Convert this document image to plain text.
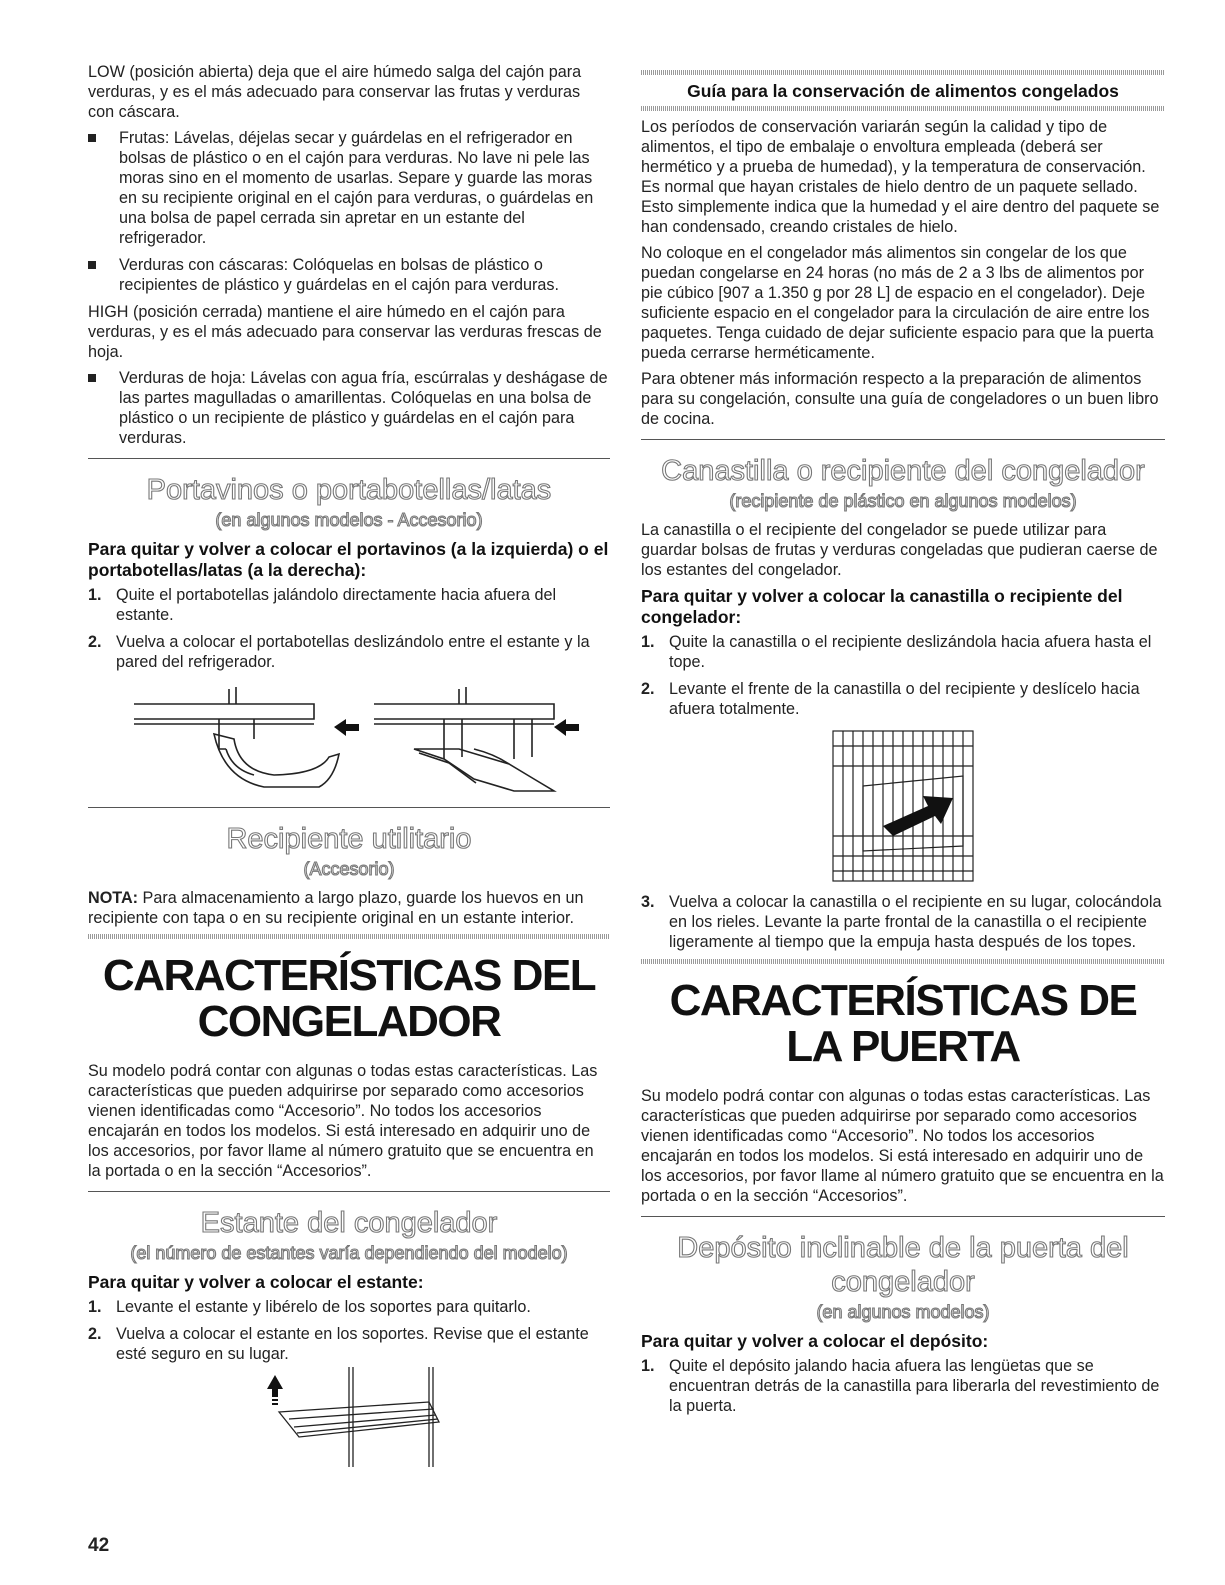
LOW (posición abierta) deja que el aire húmedo salga del cajón para verduras, y es el más adecuado para conservar las frutas y verduras con cáscara.

Frutas: Lávelas, déjelas secar y guárdelas en el refrigerador en bolsas de plástico o en el cajón para verduras. No lave ni pele las moras sino en el momento de usarlas. Separe y guarde las moras en su recipiente original en el cajón para verduras, o guárdelas en una bolsa de papel cerrada sin apretar en un estante del refrigerador.
Verduras con cáscaras: Colóquelas en bolsas de plástico o recipientes de plástico y guárdelas en el cajón para verduras.

HIGH (posición cerrada) mantiene el aire húmedo en el cajón para verduras, y es el más adecuado para conservar las verduras frescas de hoja.

Verduras de hoja: Lávelas con agua fría, escúrralas y deshágase de las partes magulladas o amarillentas. Colóquelas en una bolsa de plástico o un recipiente de plástico y guárdelas en el cajón para verduras.
Portavinos o portabotellas/latas
(en algunos modelos - Accesorio)

Para quitar y volver a colocar el portavinos (a la izquierda) o el portabotellas/latas (a la derecha):

1. Quite el portabotellas jalándolo directamente hacia afuera del estante.
2. Vuelva a colocar el portabotellas deslizándolo entre el estante y la pared del refrigerador.
Recipiente utilitario
(Accesorio)

NOTA: Para almacenamiento a largo plazo, guarde los huevos en un recipiente con tapa o en su recipiente original en un estante interior.

CARACTERÍSTICAS DEL
CONGELADOR

Su modelo podrá contar con algunas o todas estas características. Las características que pueden adquirirse por separado como accesorios vienen identificadas como “Accesorio”. No todos los accesorios encajarán en todos los modelos. Si está interesado en adquirir uno de los accesorios, por favor llame al número gratuito que se encuentra en la portada o en la sección “Accesorios”.

Estante del congelador
(el número de estantes varía dependiendo del modelo)

Para quitar y volver a colocar el estante:

1. Levante el estante y libérelo de los soportes para quitarlo.
2. Vuelva a colocar el estante en los soportes. Revise que el estante esté seguro en su lugar.
Guía para la conservación de alimentos congelados

Los períodos de conservación variarán según la calidad y tipo de alimentos, el tipo de embalaje o envoltura empleada (deberá ser hermético y a prueba de humedad), y la temperatura de conservación. Es normal que hayan cristales de hielo dentro de un paquete sellado. Esto simplemente indica que la humedad y el aire dentro del paquete se han condensado, creando cristales de hielo.

No coloque en el congelador más alimentos sin congelar de los que puedan congelarse en 24 horas (no más de 2 a 3 lbs de alimentos por pie cúbico [907 a 1.350 g por 28 L] de espacio en el congelador). Deje suficiente espacio en el congelador para la circulación de aire entre los paquetes. Tenga cuidado de dejar suficiente espacio para que la puerta pueda cerrarse herméticamente.

Para obtener más información respecto a la preparación de alimentos para su congelación, consulte una guía de congeladores o un buen libro de cocina.

Canastilla o recipiente del congelador
(recipiente de plástico en algunos modelos)

La canastilla o el recipiente del congelador se puede utilizar para guardar bolsas de frutas y verduras congeladas que pudieran caerse de los estantes del congelador.

Para quitar y volver a colocar la canastilla o recipiente del congelador:

1. Quite la canastilla o el recipiente deslizándola hacia afuera hasta el tope.
2. Levante el frente de la canastilla o del recipiente y deslícelo hacia afuera totalmente.
3. Vuelva a colocar la canastilla o el recipiente en su lugar, colocándola en los rieles. Levante la parte frontal de la canastilla o el recipiente ligeramente al tiempo que la empuja hasta después de los topes.
CARACTERÍSTICAS DE
LA PUERTA

Su modelo podrá contar con algunas o todas estas características. Las características que pueden adquirirse por separado como accesorios vienen identificadas como “Accesorio”. No todos los accesorios encajarán en todos los modelos. Si está interesado en adquirir uno de los accesorios, por favor llame al número gratuito que se encuentra en la portada o en la sección “Accesorios”.

Depósito inclinable de la puerta del
congelador
(en algunos modelos)

Para quitar y volver a colocar el depósito:

1. Quite el depósito jalando hacia afuera las lengüetas que se encuentran detrás de la canastilla para liberarla del revestimiento de la puerta.
42
